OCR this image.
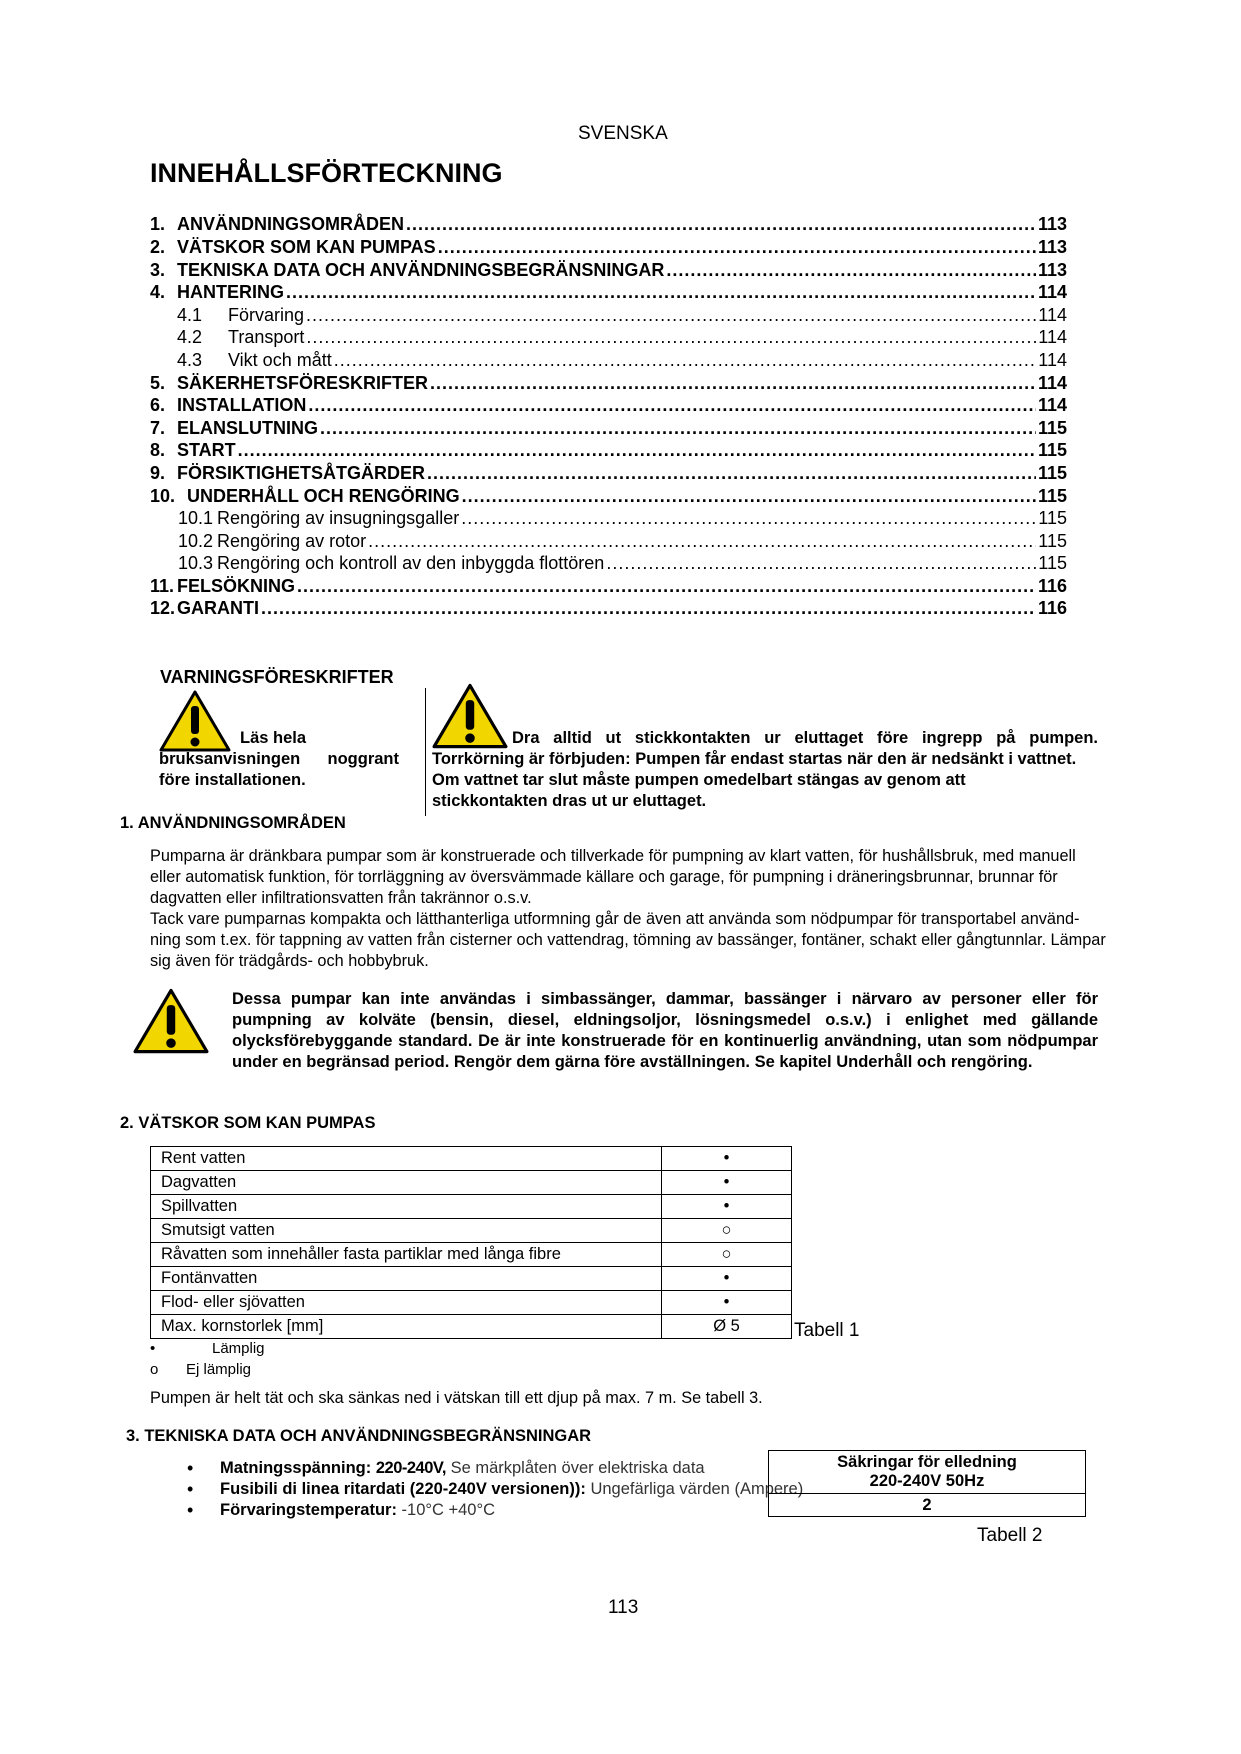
SVENSKA
INNEHÅLLSFÖRTECKNING
1. ANVÄNDNINGSOMRÅDEN .....	113
2. VÄTSKOR SOM KAN PUMPAS .....	113
3. TEKNISKA DATA OCH ANVÄNDNINGSBEGRÄNSNINGAR .....	113
4. HANTERING .....	114
4.1	Förvaring .....	114
4.2	Transport .....	114
4.3	Vikt och mått .....	114
5. SÄKERHETSFÖRESKRIFTER .....	114
6. INSTALLATION .....	114
7. ELANSLUTNING .....	115
8. START .....	115
9. FÖRSIKTIGHETSÅTGÄRDER .....	115
10. UNDERHÅLL OCH RENGÖRING .....	115
10.1 Rengöring av insugningsgaller .....	115
10.2 Rengöring av rotor .....	115
10.3 Rengöring och kontroll av den inbyggda flottören .....	115
11. FELSÖKNING .....	116
12. GARANTI .....	116
VARNINGSFÖRESKRIFTER
Läs hela
bruksanvisningen noggrant före installationen.
Dra alltid ut stickkontakten ur eluttaget före ingrepp på pumpen.
Torrkörning är förbjuden: Pumpen får endast startas när den är nedsänkt i vattnet. Om vattnet tar slut måste pumpen omedelbart stängas av genom att stickkontakten dras ut ur eluttaget.
1. ANVÄNDNINGSOMRÅDEN
Pumparna är dränkbara pumpar som är konstruerade och tillverkade för pumpning av klart vatten, för hushållsbruk, med manuell eller automatisk funktion, för torrläggning av översvämmade källare och garage, för pumpning i dräneringsbrunnar, brunnar för dagvatten eller infiltrationsvatten från takrännor o.s.v.
Tack vare pumparnas kompakta och lätthanterliga utformning går de även att använda som nödpumpar för transportabel använd-ning som t.ex. för tappning av vatten från cisterner och vattendrag, tömning av bassänger, fontäner, schakt eller gångtunnlar. Lämpar sig även för trädgårds- och hobbybruk.
Dessa pumpar kan inte användas i simbassänger, dammar, bassänger i närvaro av personer eller för pumpning av kolväte (bensin, diesel, eldningsoljor, lösningsmedel o.s.v.) i enlighet med gällande olycksförebyggande standard. De är inte konstruerade för en kontinuerlig användning, utan som nödpumpar under en begränsad period. Rengör dem gärna före avställningen. Se kapitel Underhåll och rengöring.
2. VÄTSKOR SOM KAN PUMPAS
Rent vatten	•
Dagvatten	•
Spillvatten	•
Smutsigt vatten	○
Råvatten som innehåller fasta partiklar med långa fibre	○
Fontänvatten	•
Flod- eller sjövatten	•
Max. kornstorlek [mm]	Ø 5	Tabell 1
•	Lämplig
o Ej lämplig
Pumpen är helt tät och ska sänkas ned i vätskan till ett djup på max. 7 m. Se tabell 3.
3. TEKNISKA DATA OCH ANVÄNDNINGSBEGRÄNSNINGAR
• Matningsspänning: 220-240V, Se märkplåten över elektriska data
• Fusibili di linea ritardati (220-240V versionen)): Ungefärliga värden (Ampere)
• Förvaringstemperatur: -10°C +40°C
Säkringar för elledning
220-240V 50Hz

2
Tabell 2
113
